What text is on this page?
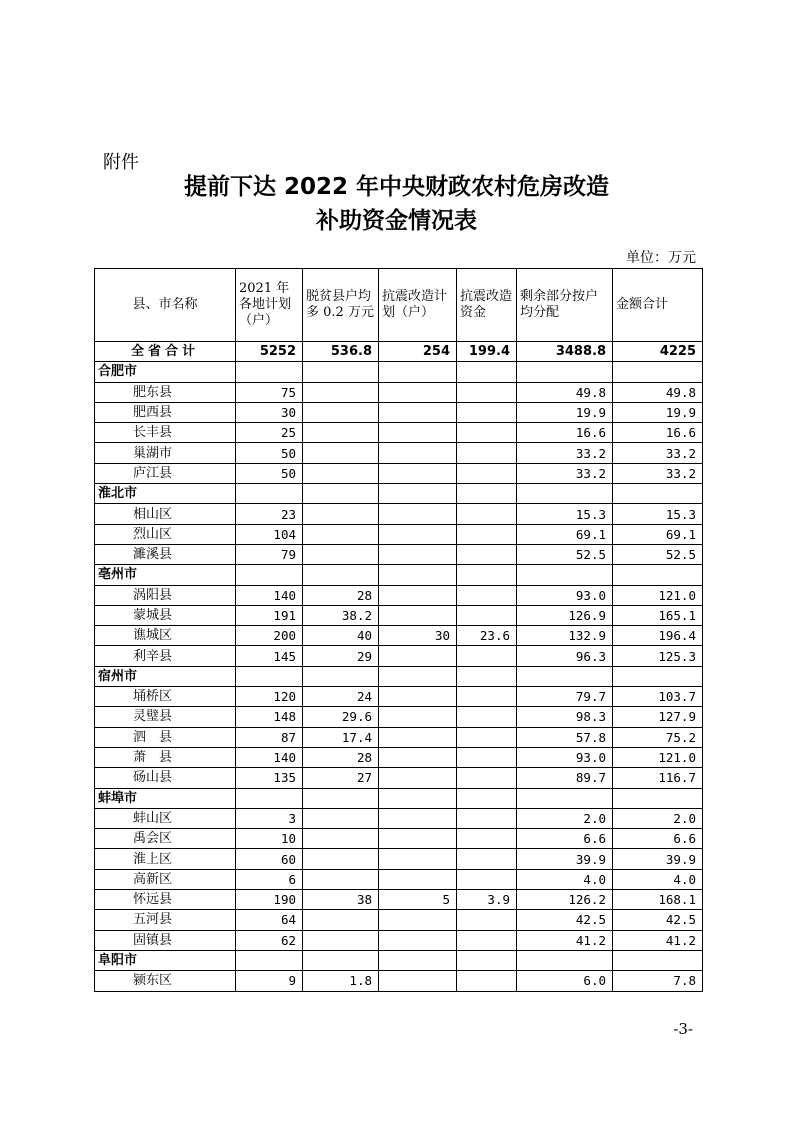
附件
提前下达 2022 年中央财政农村危房改造
补助资金情况表
单位：万元
县、市名称	2021 年各地计划（户）	脱贫县户均多 0.2 万元	抗震改造计划（户）	抗震改造资金	剩余部分按户均分配	金额合计
全省合计	5252	536.8	254	199.4	3488.8	4225
合肥市						
肥东县	75				49.8	49.8
肥西县	30				19.9	19.9
长丰县	25				16.6	16.6
巢湖市	50				33.2	33.2
庐江县	50				33.2	33.2
淮北市						
相山区	23				15.3	15.3
烈山区	104				69.1	69.1
濉溪县	79				52.5	52.5
亳州市						
涡阳县	140	28			93.0	121.0
蒙城县	191	38.2			126.9	165.1
谯城区	200	40	30	23.6	132.9	196.4
利辛县	145	29			96.3	125.3
宿州市						
埇桥区	120	24			79.7	103.7
灵璧县	148	29.6			98.3	127.9
泗　县	87	17.4			57.8	75.2
萧　县	140	28			93.0	121.0
砀山县	135	27			89.7	116.7
蚌埠市						
蚌山区	3				2.0	2.0
禹会区	10				6.6	6.6
淮上区	60				39.9	39.9
高新区	6				4.0	4.0
怀远县	190	38	5	3.9	126.2	168.1
五河县	64				42.5	42.5
固镇县	62				41.2	41.2
阜阳市						
颍东区	9	1.8			6.0	7.8
-3-
